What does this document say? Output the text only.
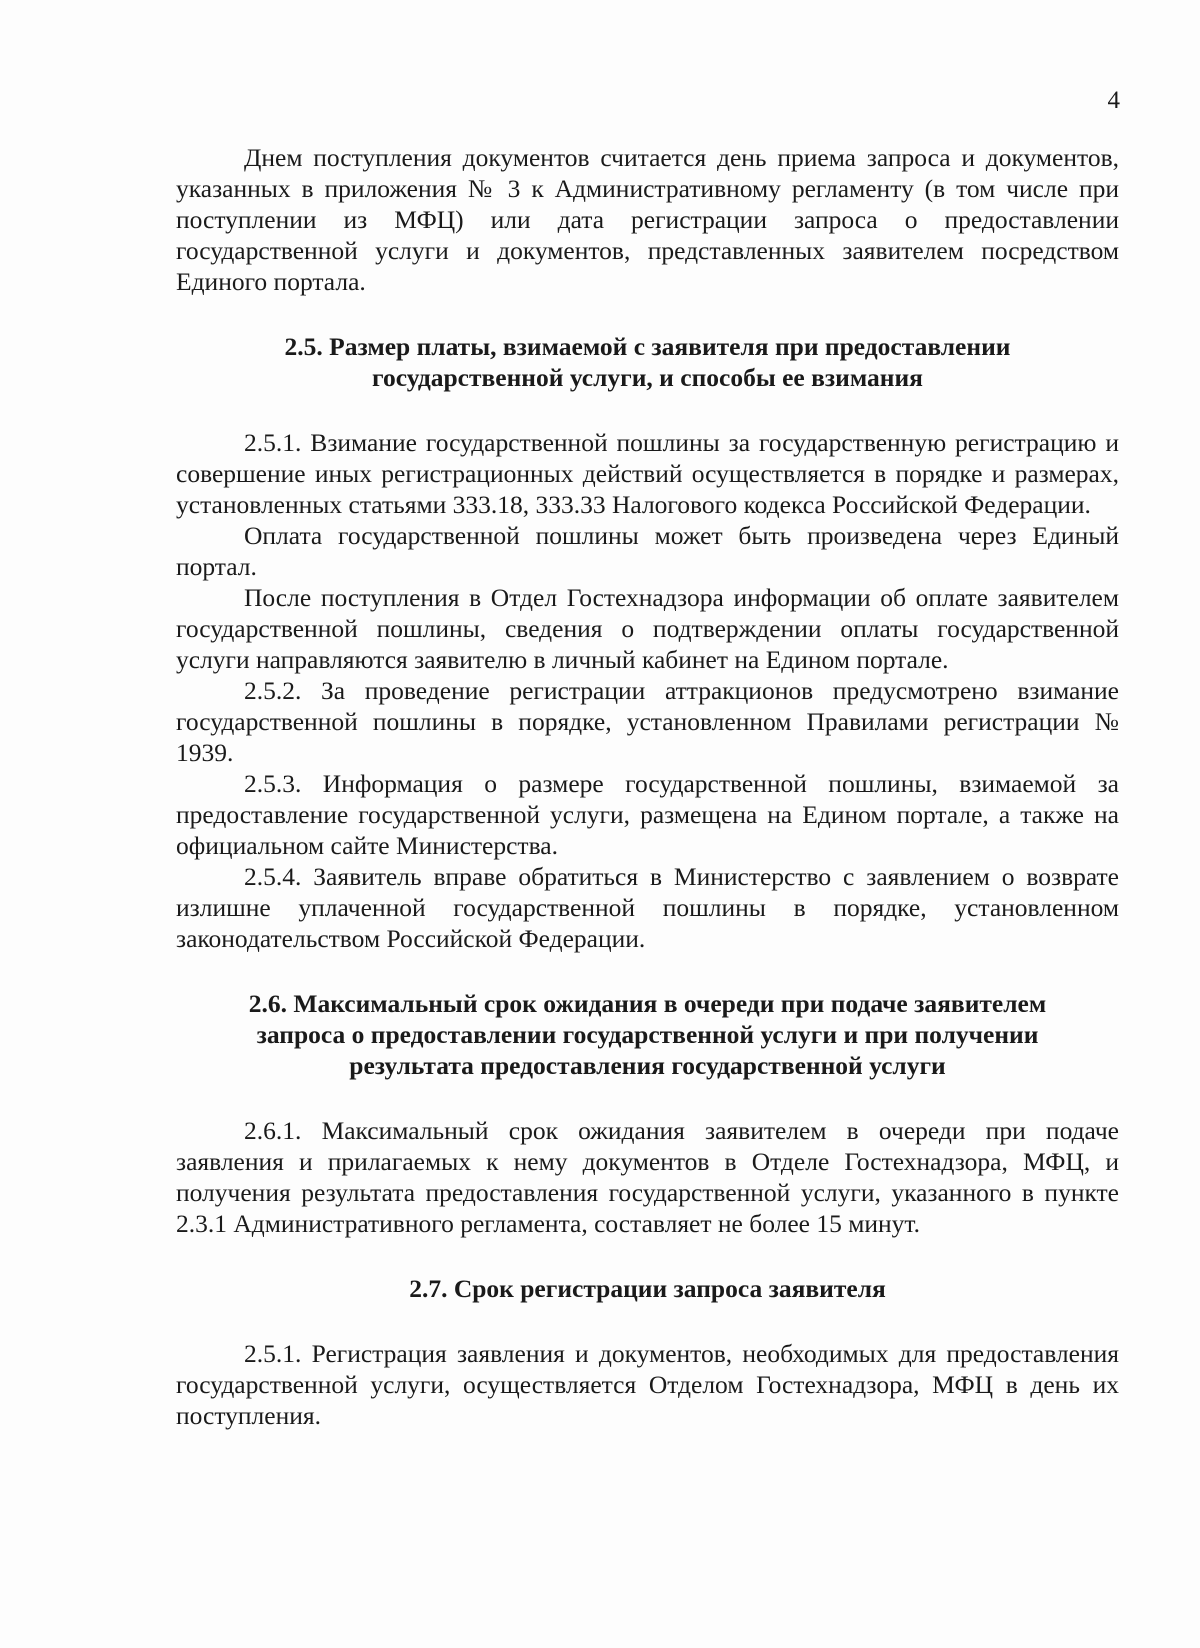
4

Днем поступления документов считается день приема запроса и документов, указанных в приложения № 3 к Административному регламенту (в том числе при поступлении из МФЦ) или дата регистрации запроса о предоставлении государственной услуги и документов, представленных заявителем посредством Единого портала.

2.5. Размер платы, взимаемой с заявителя при предоставлении государственной услуги, и способы ее взимания

2.5.1. Взимание государственной пошлины за государственную регистрацию и совершение иных регистрационных действий осуществляется в порядке и размерах, установленных статьями 333.18, 333.33 Налогового кодекса Российской Федерации.

Оплата государственной пошлины может быть произведена через Единый портал.

После поступления в Отдел Гостехнадзора информации об оплате заявителем государственной пошлины, сведения о подтверждении оплаты государственной услуги направляются заявителю в личный кабинет на Едином портале.

2.5.2. За проведение регистрации аттракционов предусмотрено взимание государственной пошлины в порядке, установленном Правилами регистрации № 1939.

2.5.3. Информация о размере государственной пошлины, взимаемой за предоставление государственной услуги, размещена на Едином портале, а также на официальном сайте Министерства.

2.5.4. Заявитель вправе обратиться в Министерство с заявлением о возврате излишне уплаченной государственной пошлины в порядке, установленном законодательством Российской Федерации.

2.6. Максимальный срок ожидания в очереди при подаче заявителем запроса о предоставлении государственной услуги и при получении результата предоставления государственной услуги

2.6.1. Максимальный срок ожидания заявителем в очереди при подаче заявления и прилагаемых к нему документов в Отделе Гостехнадзора, МФЦ, и получения результата предоставления государственной услуги, указанного в пункте 2.3.1 Административного регламента, составляет не более 15 минут.

2.7. Срок регистрации запроса заявителя

2.5.1. Регистрация заявления и документов, необходимых для предоставления государственной услуги, осуществляется Отделом Гостехнадзора, МФЦ в день их поступления.
